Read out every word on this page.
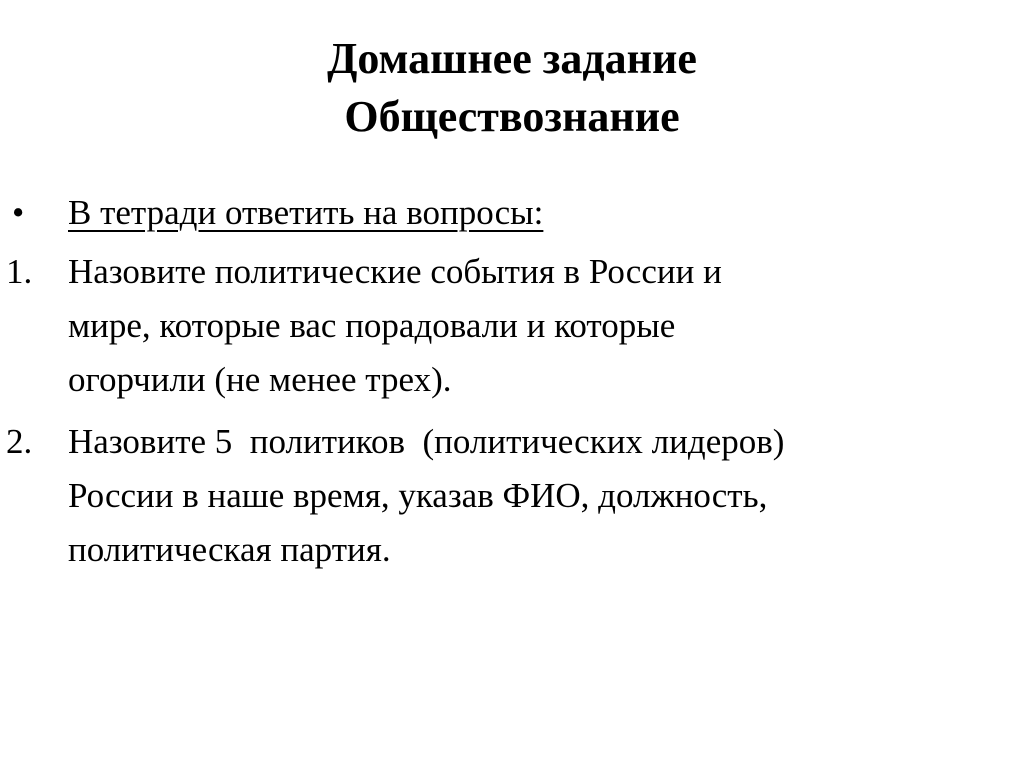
Домашнее задание
Обществознание
• В тетради ответить на вопросы:
1. Назовите политические события в России и
мире, которые вас порадовали и которые
огорчили (не менее трех).
2. Назовите 5  политиков  (политических лидеров)
России в наше время, указав ФИО, должность,
политическая партия.
